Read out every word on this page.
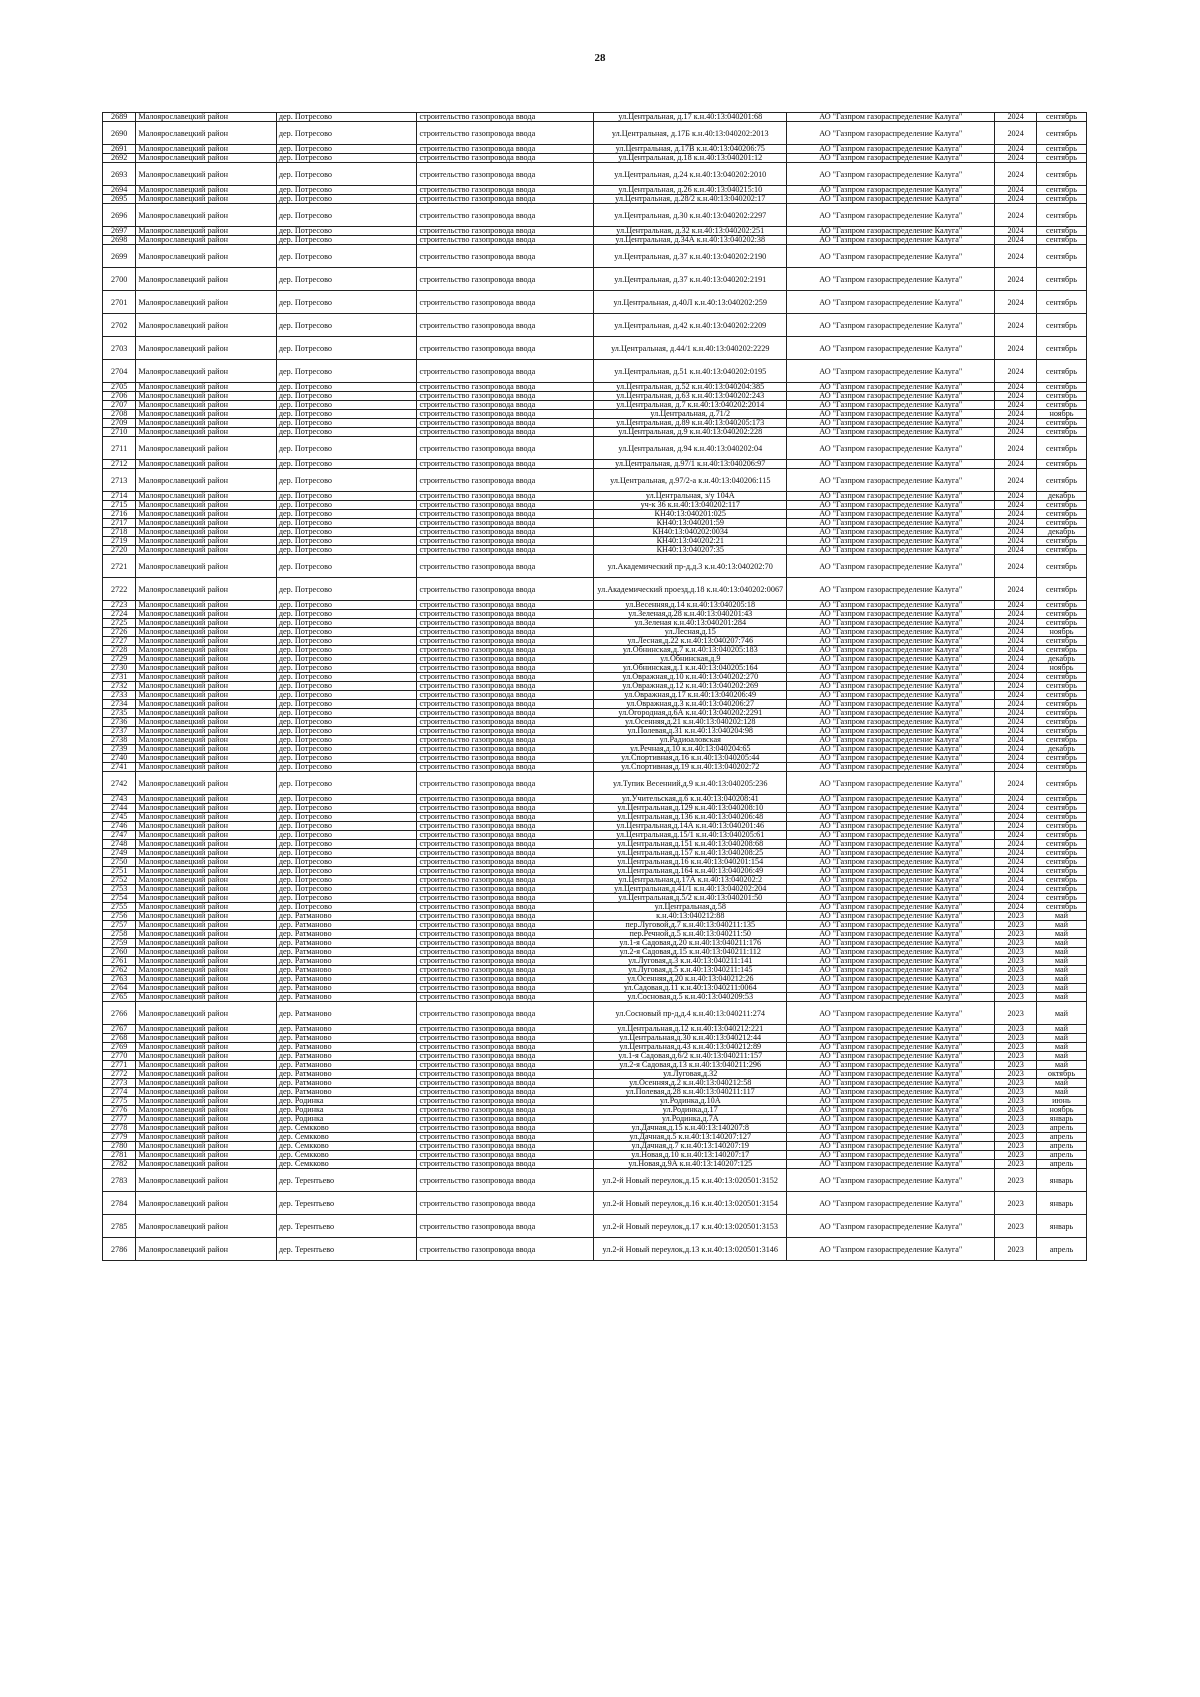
28
2689	Малоярославецкий район	дер. Потресово	строительство газопровода ввода	ул.Центральная, д.17 к.н.40:13:040201:68	АО "Газпром газораспределение Калуга"	2024	сентябрь
2690	Малоярославецкий район	дер. Потресово	строительство газопровода ввода	ул.Центральная, д.17Б к.н.40:13:040202:2013	АО "Газпром газораспределение Калуга"	2024	сентябрь
2691	Малоярославецкий район	дер. Потресово	строительство газопровода ввода	ул.Центральная, д.17В к.н.40:13:040206:75	АО "Газпром газораспределение Калуга"	2024	сентябрь
2692	Малоярославецкий район	дер. Потресово	строительство газопровода ввода	ул.Центральная, д.18 к.н.40:13:040201:12	АО "Газпром газораспределение Калуга"	2024	сентябрь
2693	Малоярославецкий район	дер. Потресово	строительство газопровода ввода	ул.Центральная, д.24 к.н.40:13:040202:2010	АО "Газпром газораспределение Калуга"	2024	сентябрь
2694	Малоярославецкий район	дер. Потресово	строительство газопровода ввода	ул.Центральная, д.26 к.н.40:13:040215:10	АО "Газпром газораспределение Калуга"	2024	сентябрь
2695	Малоярославецкий район	дер. Потресово	строительство газопровода ввода	ул.Центральная, д.28/2 к.н.40:13:040202:17	АО "Газпром газораспределение Калуга"	2024	сентябрь
2696	Малоярославецкий район	дер. Потресово	строительство газопровода ввода	ул.Центральная, д.30 к.н.40:13:040202:2297	АО "Газпром газораспределение Калуга"	2024	сентябрь
2697	Малоярославецкий район	дер. Потресово	строительство газопровода ввода	ул.Центральная, д.32 к.н.40:13:040202:251	АО "Газпром газораспределение Калуга"	2024	сентябрь
2698	Малоярославецкий район	дер. Потресово	строительство газопровода ввода	ул.Центральная, д.34А к.н.40:13:040202:38	АО "Газпром газораспределение Калуга"	2024	сентябрь
2699	Малоярославецкий район	дер. Потресово	строительство газопровода ввода	ул.Центральная, д.37 к.н.40:13:040202:2190	АО "Газпром газораспределение Калуга"	2024	сентябрь
2700	Малоярославецкий район	дер. Потресово	строительство газопровода ввода	ул.Центральная, д.37 к.н.40:13:040202:2191	АО "Газпром газораспределение Калуга"	2024	сентябрь
2701	Малоярославецкий район	дер. Потресово	строительство газопровода ввода	ул.Центральная, д.40Л к.н.40:13:040202:259	АО "Газпром газораспределение Калуга"	2024	сентябрь
2702	Малоярославецкий район	дер. Потресово	строительство газопровода ввода	ул.Центральная, д.42 к.н.40:13:040202:2209	АО "Газпром газораспределение Калуга"	2024	сентябрь
2703	Малоярославецкий район	дер. Потресово	строительство газопровода ввода	ул.Центральная, д.44/1 к.н.40:13:040202:2229	АО "Газпром газораспределение Калуга"	2024	сентябрь
2704	Малоярославецкий район	дер. Потресово	строительство газопровода ввода	ул.Центральная, д.51 к.н.40:13:040202:0195	АО "Газпром газораспределение Калуга"	2024	сентябрь
2705	Малоярославецкий район	дер. Потресово	строительство газопровода ввода	ул.Центральная, д.52 к.н.40:13:040204:385	АО "Газпром газораспределение Калуга"	2024	сентябрь
2706	Малоярославецкий район	дер. Потресово	строительство газопровода ввода	ул.Центральная, д.63 к.н.40:13:040202:243	АО "Газпром газораспределение Калуга"	2024	сентябрь
2707	Малоярославецкий район	дер. Потресово	строительство газопровода ввода	ул.Центральная, д.7 к.н.40:13:040202:2014	АО "Газпром газораспределение Калуга"	2024	сентябрь
2708	Малоярославецкий район	дер. Потресово	строительство газопровода ввода	ул.Центральная, д.71/2	АО "Газпром газораспределение Калуга"	2024	ноябрь
2709	Малоярославецкий район	дер. Потресово	строительство газопровода ввода	ул.Центральная, д.89 к.н.40:13:040205:173	АО "Газпром газораспределение Калуга"	2024	сентябрь
2710	Малоярославецкий район	дер. Потресово	строительство газопровода ввода	ул.Центральная, д.9 к.н.40:13:040202:228	АО "Газпром газораспределение Калуга"	2024	сентябрь
2711	Малоярославецкий район	дер. Потресово	строительство газопровода ввода	ул.Центральная, д.94 к.н.40:13:040202:04	АО "Газпром газораспределение Калуга"	2024	сентябрь
2712	Малоярославецкий район	дер. Потресово	строительство газопровода ввода	ул.Центральная, д.97/1 к.н.40:13:040206:97	АО "Газпром газораспределение Калуга"	2024	сентябрь
2713	Малоярославецкий район	дер. Потресово	строительство газопровода ввода	ул.Центральная, д.97/2-а к.н.40:13:040206:115	АО "Газпром газораспределение Калуга"	2024	сентябрь
2714	Малоярославецкий район	дер. Потресово	строительство газопровода ввода	ул.Центральная, з/у 104А	АО "Газпром газораспределение Калуга"	2024	декабрь
2715	Малоярославецкий район	дер. Потресово	строительство газопровода ввода	уч-к 36 к.н.40:13:040202:117	АО "Газпром газораспределение Калуга"	2024	сентябрь
2716	Малоярославецкий район	дер. Потресово	строительство газопровода ввода	КН40:13:040201:025	АО "Газпром газораспределение Калуга"	2024	сентябрь
2717	Малоярославецкий район	дер. Потресово	строительство газопровода ввода	КН40:13:040201:59	АО "Газпром газораспределение Калуга"	2024	сентябрь
2718	Малоярославецкий район	дер. Потресово	строительство газопровода ввода	КН40:13:040202:0034	АО "Газпром газораспределение Калуга"	2024	декабрь
2719	Малоярославецкий район	дер. Потресово	строительство газопровода ввода	КН40:13:040202:21	АО "Газпром газораспределение Калуга"	2024	сентябрь
2720	Малоярославецкий район	дер. Потресово	строительство газопровода ввода	КН40:13:040207:35	АО "Газпром газораспределение Калуга"	2024	сентябрь
2721	Малоярославецкий район	дер. Потресово	строительство газопровода ввода	ул.Академический пр-д,д.3 к.н.40:13:040202:70	АО "Газпром газораспределение Калуга"	2024	сентябрь
2722	Малоярославецкий район	дер. Потресово	строительство газопровода ввода	ул.Академический проезд,д.18 к.н.40:13:040202:0067	АО "Газпром газораспределение Калуга"	2024	сентябрь
2723	Малоярославецкий район	дер. Потресово	строительство газопровода ввода	ул.Весенняя,д.14 к.н.40:13:040205:18	АО "Газпром газораспределение Калуга"	2024	сентябрь
2724	Малоярославецкий район	дер. Потресово	строительство газопровода ввода	ул.Зеленая,д.28 к.н.40:13:040201:43	АО "Газпром газораспределение Калуга"	2024	сентябрь
2725	Малоярославецкий район	дер. Потресово	строительство газопровода ввода	ул.Зеленая к.н.40:13:040201:284	АО "Газпром газораспределение Калуга"	2024	сентябрь
2726	Малоярославецкий район	дер. Потресово	строительство газопровода ввода	ул.Лесная,д.15	АО "Газпром газораспределение Калуга"	2024	ноябрь
2727	Малоярославецкий район	дер. Потресово	строительство газопровода ввода	ул.Лесная,д.22 к.н.40:13:040207:746	АО "Газпром газораспределение Калуга"	2024	сентябрь
2728	Малоярославецкий район	дер. Потресово	строительство газопровода ввода	ул.Обнинская,д.7 к.н.40:13:040205:183	АО "Газпром газораспределение Калуга"	2024	сентябрь
2729	Малоярославецкий район	дер. Потресово	строительство газопровода ввода	ул.Обнинская,д.9	АО "Газпром газораспределение Калуга"	2024	декабрь
2730	Малоярославецкий район	дер. Потресово	строительство газопровода ввода	ул.Обнинская,д.1 к.н.40:13:040205:164	АО "Газпром газораспределение Калуга"	2024	ноябрь
2731	Малоярославецкий район	дер. Потресово	строительство газопровода ввода	ул.Овражная,д.10 к.н.40:13:040202:270	АО "Газпром газораспределение Калуга"	2024	сентябрь
2732	Малоярославецкий район	дер. Потресово	строительство газопровода ввода	ул.Овражная,д.12 к.н.40:13:040202:269	АО "Газпром газораспределение Калуга"	2024	сентябрь
2733	Малоярославецкий район	дер. Потресово	строительство газопровода ввода	ул.Овражная,д.17 к.н.40:13:040206:49	АО "Газпром газораспределение Калуга"	2024	сентябрь
2734	Малоярославецкий район	дер. Потресово	строительство газопровода ввода	ул.Овражная,д.3 к.н.40:13:040206:27	АО "Газпром газораспределение Калуга"	2024	сентябрь
2735	Малоярославецкий район	дер. Потресово	строительство газопровода ввода	ул.Огородная,д.6А к.н.40:13:040202:2291	АО "Газпром газораспределение Калуга"	2024	сентябрь
2736	Малоярославецкий район	дер. Потресово	строительство газопровода ввода	ул.Осенняя,д.21 к.н.40:13:040202:128	АО "Газпром газораспределение Калуга"	2024	сентябрь
2737	Малоярославецкий район	дер. Потресово	строительство газопровода ввода	ул.Полевая,д.31 к.н.40:13:040204:98	АО "Газпром газораспределение Калуга"	2024	сентябрь
2738	Малоярославецкий район	дер. Потресово	строительство газопровода ввода	ул.Радиоаловская	АО "Газпром газораспределение Калуга"	2024	сентябрь
2739	Малоярославецкий район	дер. Потресово	строительство газопровода ввода	ул.Речная,д.10 к.н.40:13:040204:65	АО "Газпром газораспределение Калуга"	2024	декабрь
2740	Малоярославецкий район	дер. Потресово	строительство газопровода ввода	ул.Спортивная,д.16 к.н.40:13:040205:44	АО "Газпром газораспределение Калуга"	2024	сентябрь
2741	Малоярославецкий район	дер. Потресово	строительство газопровода ввода	ул.Спортивная,д.19 к.н.40:13:040202:72	АО "Газпром газораспределение Калуга"	2024	сентябрь
2742	Малоярославецкий район	дер. Потресово	строительство газопровода ввода	ул.Тупик Весенний,д.9 к.н.40:13:040205:236	АО "Газпром газораспределение Калуга"	2024	сентябрь
2743	Малоярославецкий район	дер. Потресово	строительство газопровода ввода	ул.Учительская,д.6 к.н.40:13:040208:41	АО "Газпром газораспределение Калуга"	2024	сентябрь
2744	Малоярославецкий район	дер. Потресово	строительство газопровода ввода	ул.Центральная,д.129 к.н.40:13:040208:10	АО "Газпром газораспределение Калуга"	2024	сентябрь
2745	Малоярославецкий район	дер. Потресово	строительство газопровода ввода	ул.Центральная,д.136 к.н.40:13:040206:48	АО "Газпром газораспределение Калуга"	2024	сентябрь
2746	Малоярославецкий район	дер. Потресово	строительство газопровода ввода	ул.Центральная,д.14А к.н.40:13:040201:46	АО "Газпром газораспределение Калуга"	2024	сентябрь
2747	Малоярославецкий район	дер. Потресово	строительство газопровода ввода	ул.Центральная,д.15/1 к.н.40:13:040205:61	АО "Газпром газораспределение Калуга"	2024	сентябрь
2748	Малоярославецкий район	дер. Потресово	строительство газопровода ввода	ул.Центральная,д.151 к.н.40:13:040208:68	АО "Газпром газораспределение Калуга"	2024	сентябрь
2749	Малоярославецкий район	дер. Потресово	строительство газопровода ввода	ул.Центральная,д.157 к.н.40:13:040208:25	АО "Газпром газораспределение Калуга"	2024	сентябрь
2750	Малоярославецкий район	дер. Потресово	строительство газопровода ввода	ул.Центральная,д.16 к.н.40:13:040201:154	АО "Газпром газораспределение Калуга"	2024	сентябрь
2751	Малоярославецкий район	дер. Потресово	строительство газопровода ввода	ул.Центральная,д.164 к.н.40:13:040206:49	АО "Газпром газораспределение Калуга"	2024	сентябрь
2752	Малоярославецкий район	дер. Потресово	строительство газопровода ввода	ул.Центральная,д.17А к.н.40:13:040202:2	АО "Газпром газораспределение Калуга"	2024	сентябрь
2753	Малоярославецкий район	дер. Потресово	строительство газопровода ввода	ул.Центральная,д.41/1 к.н.40:13:040202:204	АО "Газпром газораспределение Калуга"	2024	сентябрь
2754	Малоярославецкий район	дер. Потресово	строительство газопровода ввода	ул.Центральная,д.5/2 к.н.40:13:040201:50	АО "Газпром газораспределение Калуга"	2024	сентябрь
2755	Малоярославецкий район	дер. Потресово	строительство газопровода ввода	ул.Центральная,д.58	АО "Газпром газораспределение Калуга"	2024	сентябрь
2756	Малоярославецкий район	дер. Ратманово	строительство газопровода ввода	к.н.40:13:040212:88	АО "Газпром газораспределение Калуга"	2023	май
2757	Малоярославецкий район	дер. Ратманово	строительство газопровода ввода	пер.Луговой,д.7 к.н.40:13:040211:135	АО "Газпром газораспределение Калуга"	2023	май
2758	Малоярославецкий район	дер. Ратманово	строительство газопровода ввода	пер.Речной,д.5 к.н.40:13:040211:50	АО "Газпром газораспределение Калуга"	2023	май
2759	Малоярославецкий район	дер. Ратманово	строительство газопровода ввода	ул.1-я Садовая,д.20 к.н.40:13:040211:176	АО "Газпром газораспределение Калуга"	2023	май
2760	Малоярославецкий район	дер. Ратманово	строительство газопровода ввода	ул.2-я Садовая,д.15 к.н.40:13:040211:112	АО "Газпром газораспределение Калуга"	2023	май
2761	Малоярославецкий район	дер. Ратманово	строительство газопровода ввода	ул.Луговая,д.3 к.н.40:13:040211:141	АО "Газпром газораспределение Калуга"	2023	май
2762	Малоярославецкий район	дер. Ратманово	строительство газопровода ввода	ул.Луговая,д.5 к.н.40:13:040211:145	АО "Газпром газораспределение Калуга"	2023	май
2763	Малоярославецкий район	дер. Ратманово	строительство газопровода ввода	ул.Осенняя,д.20 к.н.40:13:040212:26	АО "Газпром газораспределение Калуга"	2023	май
2764	Малоярославецкий район	дер. Ратманово	строительство газопровода ввода	ул.Садовая,д.11 к.н.40:13:040211:0064	АО "Газпром газораспределение Калуга"	2023	май
2765	Малоярославецкий район	дер. Ратманово	строительство газопровода ввода	ул.Сосновая,д.5 к.н.40:13:040209:53	АО "Газпром газораспределение Калуга"	2023	май
2766	Малоярославецкий район	дер. Ратманово	строительство газопровода ввода	ул.Сосновый пр-д,д.4 к.н.40:13:040211:274	АО "Газпром газораспределение Калуга"	2023	май
2767	Малоярославецкий район	дер. Ратманово	строительство газопровода ввода	ул.Центральная,д.12 к.н.40:13:040212:221	АО "Газпром газораспределение Калуга"	2023	май
2768	Малоярославецкий район	дер. Ратманово	строительство газопровода ввода	ул.Центральная,д.30 к.н.40:13:040212:44	АО "Газпром газораспределение Калуга"	2023	май
2769	Малоярославецкий район	дер. Ратманово	строительство газопровода ввода	ул.Центральная,д.43 к.н.40:13:040212:89	АО "Газпром газораспределение Калуга"	2023	май
2770	Малоярославецкий район	дер. Ратманово	строительство газопровода ввода	ул.1-я Садовая,д.6/2 к.н.40:13:040211:157	АО "Газпром газораспределение Калуга"	2023	май
2771	Малоярославецкий район	дер. Ратманово	строительство газопровода ввода	ул.2-я Садовая,д.13 к.н.40:13:040211:296	АО "Газпром газораспределение Калуга"	2023	май
2772	Малоярославецкий район	дер. Ратманово	строительство газопровода ввода	ул.Луговая,д.32	АО "Газпром газораспределение Калуга"	2023	октябрь
2773	Малоярославецкий район	дер. Ратманово	строительство газопровода ввода	ул.Осенняя,д.2 к.н.40:13:040212:58	АО "Газпром газораспределение Калуга"	2023	май
2774	Малоярославецкий район	дер. Ратманово	строительство газопровода ввода	ул.Полевая,д.28 к.н.40:13:040211:117	АО "Газпром газораспределение Калуга"	2023	май
2775	Малоярославецкий район	дер. Родинка	строительство газопровода ввода	ул.Родинка,д.10А	АО "Газпром газораспределение Калуга"	2023	июнь
2776	Малоярославецкий район	дер. Родинка	строительство газопровода ввода	ул.Родинка,д.17	АО "Газпром газораспределение Калуга"	2023	ноябрь
2777	Малоярославецкий район	дер. Родинка	строительство газопровода ввода	ул.Родинка,д.7А	АО "Газпром газораспределение Калуга"	2023	январь
2778	Малоярославецкий район	дер. Семкково	строительство газопровода ввода	ул.Дачная,д.15 к.н.40:13:140207:8	АО "Газпром газораспределение Калуга"	2023	апрель
2779	Малоярославецкий район	дер. Семкково	строительство газопровода ввода	ул.Дачная,д.5 к.н.40:13:140207:127	АО "Газпром газораспределение Калуга"	2023	апрель
2780	Малоярославецкий район	дер. Семкково	строительство газопровода ввода	ул.Дачная,д.7 к.н.40:13:140207:19	АО "Газпром газораспределение Калуга"	2023	апрель
2781	Малоярославецкий район	дер. Семкково	строительство газопровода ввода	ул.Новая,д.10 к.н.40:13:140207:17	АО "Газпром газораспределение Калуга"	2023	апрель
2782	Малоярославецкий район	дер. Семкково	строительство газопровода ввода	ул.Новая,д.9А к.н.40:13:140207:125	АО "Газпром газораспределение Калуга"	2023	апрель
2783	Малоярославецкий район	дер. Терентьево	строительство газопровода ввода	ул.2-й Новый переулок,д.15 к.н.40:13:020501:3152	АО "Газпром газораспределение Калуга"	2023	январь
2784	Малоярославецкий район	дер. Терентьево	строительство газопровода ввода	ул.2-й Новый переулок,д.16 к.н.40:13:020501:3154	АО "Газпром газораспределение Калуга"	2023	январь
2785	Малоярославецкий район	дер. Терентьево	строительство газопровода ввода	ул.2-й Новый переулок,д.17 к.н.40:13:020501:3153	АО "Газпром газораспределение Калуга"	2023	январь
2786	Малоярославецкий район	дер. Терентьево	строительство газопровода ввода	ул.2-й Новый переулок,д.13 к.н.40:13:020501:3146	АО "Газпром газораспределение Калуга"	2023	апрель
